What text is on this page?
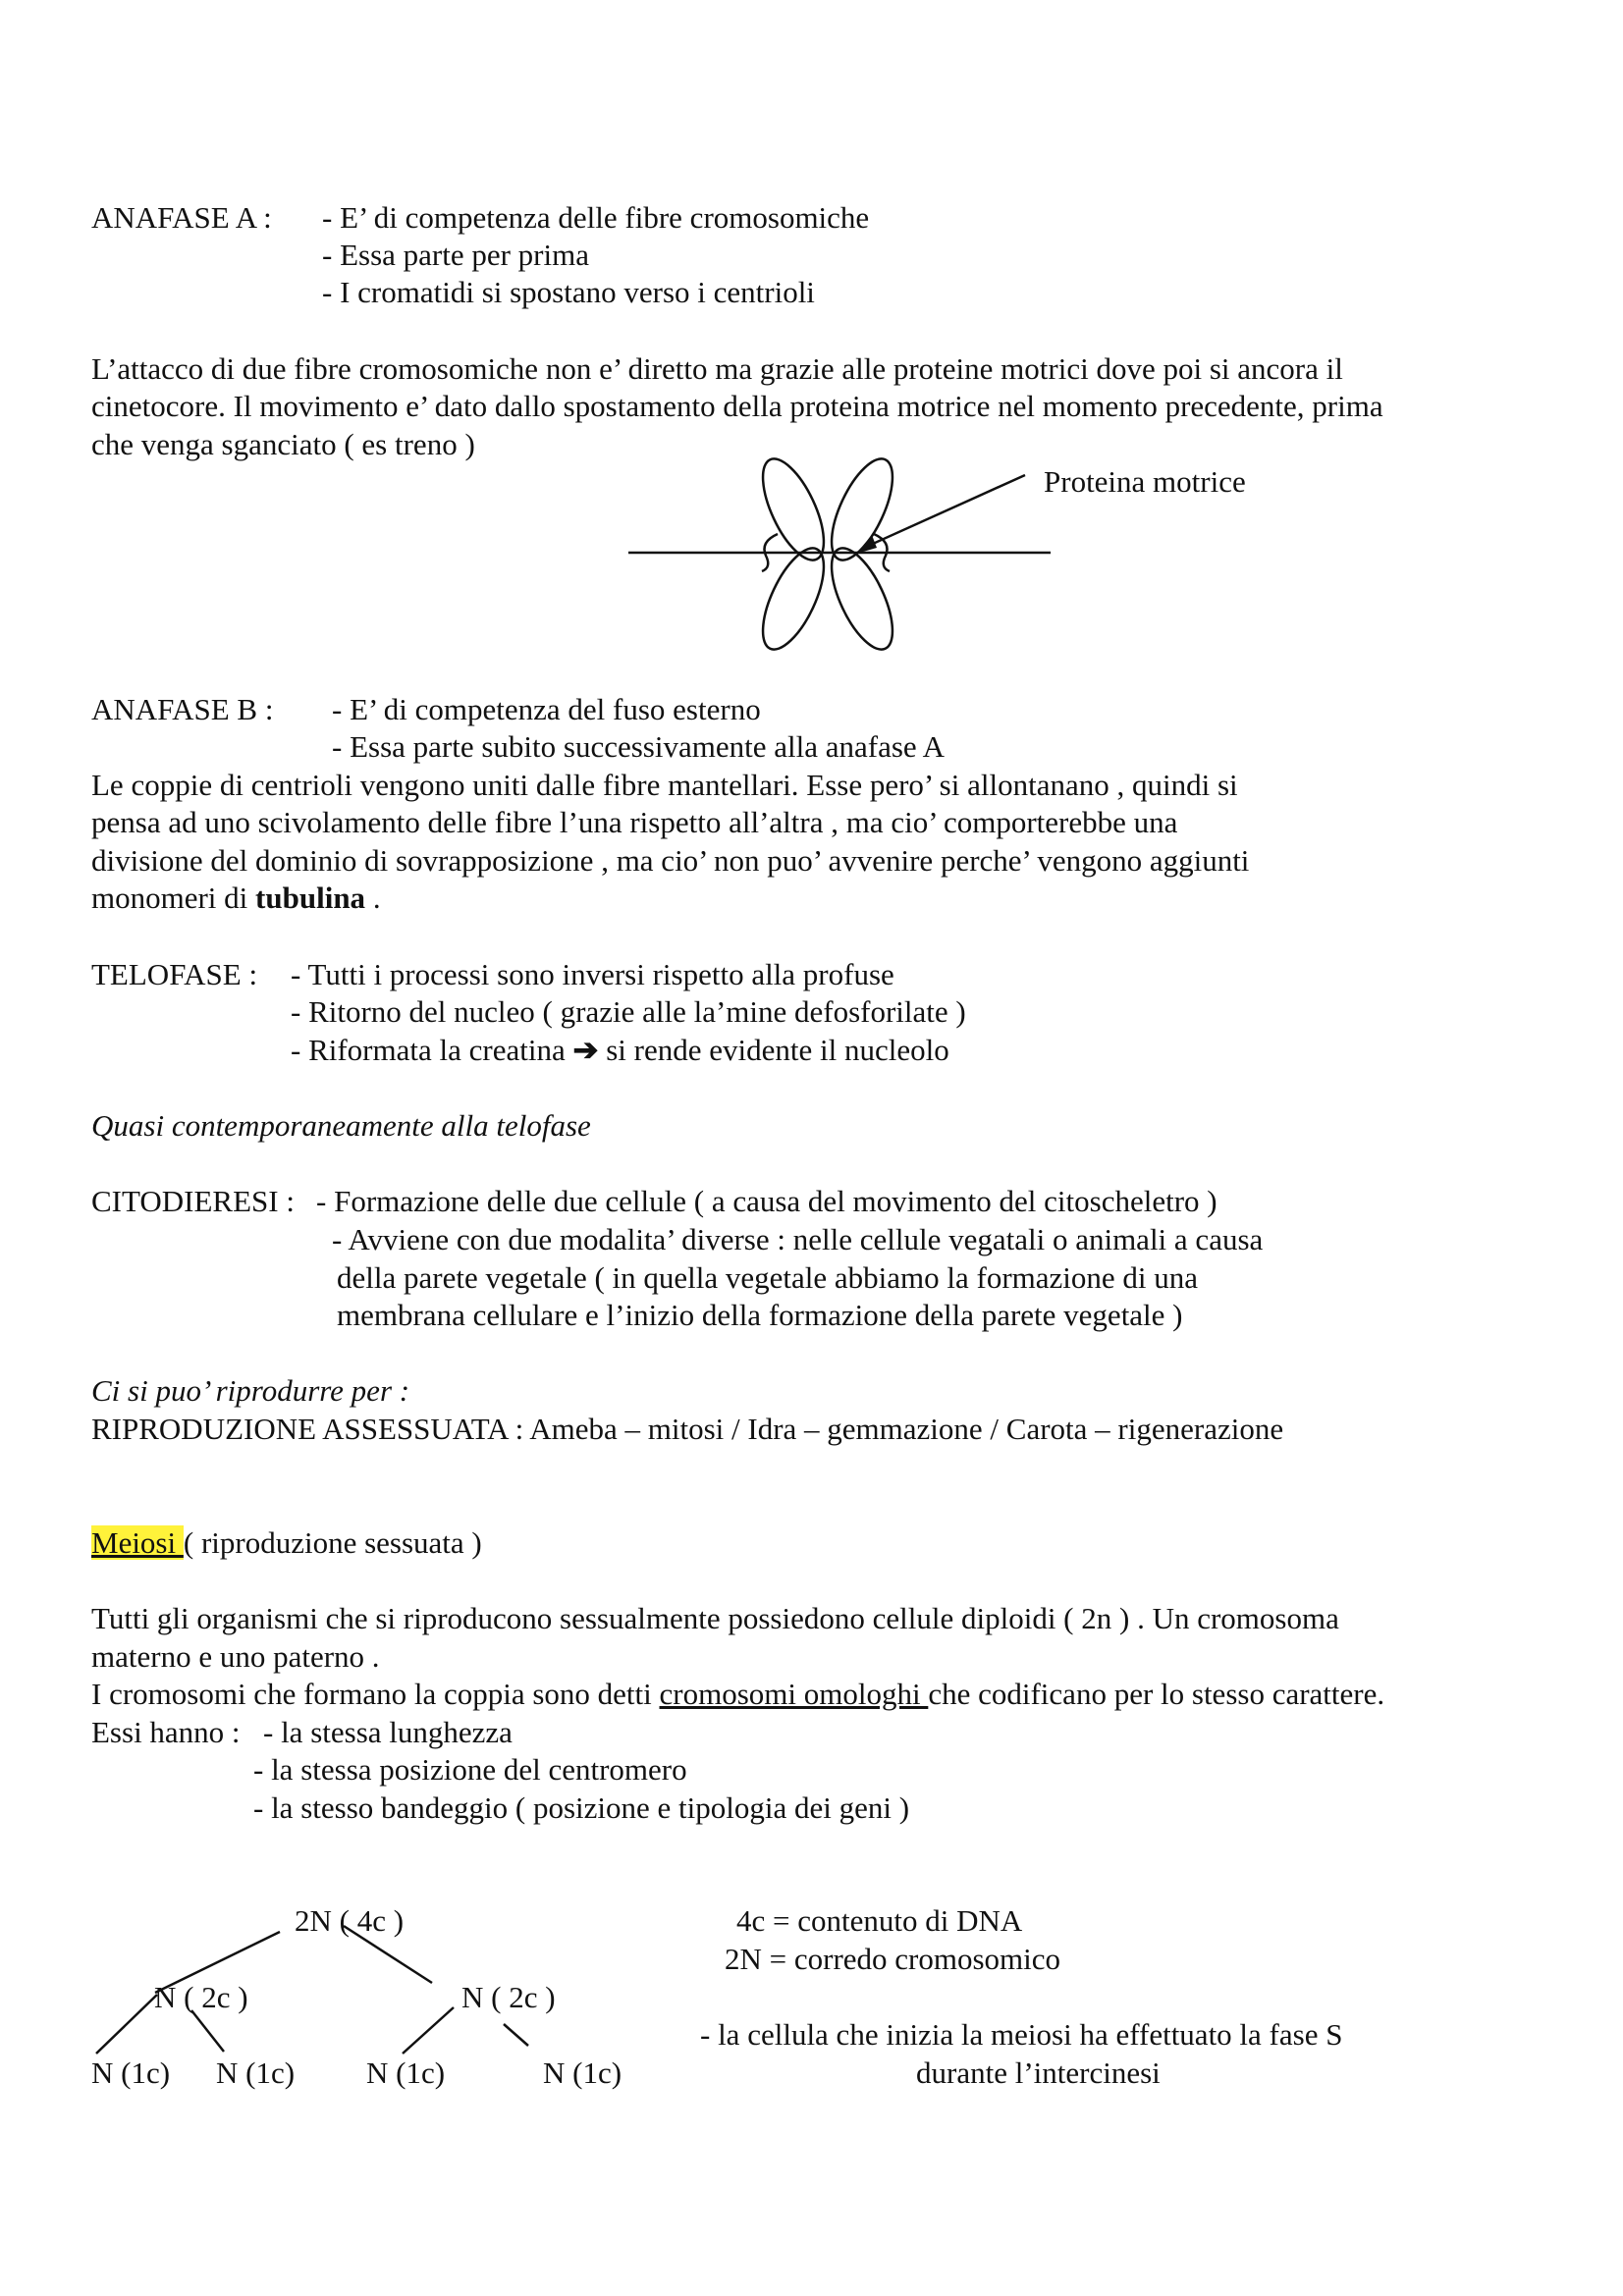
ANAFASE A : - E’ di competenza delle fibre cromosomiche
- Essa parte per prima
- I cromatidi si spostano verso i centrioli
L’attacco di due fibre cromosomiche non e’ diretto ma grazie alle proteine motrici dove poi si ancora il
cinetocore. Il movimento e’ dato dallo spostamento della proteina motrice nel momento precedente, prima
che venga sganciato ( es treno )
Proteina motrice
ANAFASE B : - E’ di competenza del fuso esterno
- Essa parte subito successivamente alla anafase A
Le coppie di centrioli vengono uniti dalle fibre mantellari. Esse pero’ si allontanano , quindi si
pensa ad uno scivolamento delle fibre l’una rispetto all’altra , ma cio’ comporterebbe una
divisione del dominio di sovrapposizione , ma cio’ non puo’ avvenire perche’ vengono aggiunti
monomeri di tubulina .
TELOFASE : - Tutti i processi sono inversi rispetto alla profuse
- Ritorno del nucleo ( grazie alle la’mine defosforilate )
- Riformata la creatina ➔ si rende evidente il nucleolo
Quasi contemporaneamente alla telofase
CITODIERESI : - Formazione delle due cellule ( a causa del movimento del citoscheletro )
- Avviene con due modalita’ diverse : nelle cellule vegatali o animali a causa
della parete vegetale ( in quella vegetale abbiamo la formazione di una
membrana cellulare e l’inizio della formazione della parete vegetale )
Ci si puo’ riprodurre per :
RIPRODUZIONE ASSESSUATA : Ameba – mitosi / Idra – gemmazione / Carota – rigenerazione
Meiosi ( riproduzione sessuata )
Tutti gli organismi che si riproducono sessualmente possiedono cellule diploidi ( 2n ) . Un cromosoma
materno e uno paterno .
I cromosomi che formano la coppia sono detti cromosomi omologhi che codificano per lo stesso carattere.
Essi hanno : - la stessa lunghezza
- la stessa posizione del centromero
- la stesso bandeggio ( posizione e tipologia dei geni )
2N ( 4c )
N ( 2c )	N ( 2c )
N (1c) N (1c) N (1c)	N (1c)
4c = contenuto di DNA
2N = corredo cromosomico
- la cellula che inizia la meiosi ha effettuato la fase S
durante l’intercinesi
